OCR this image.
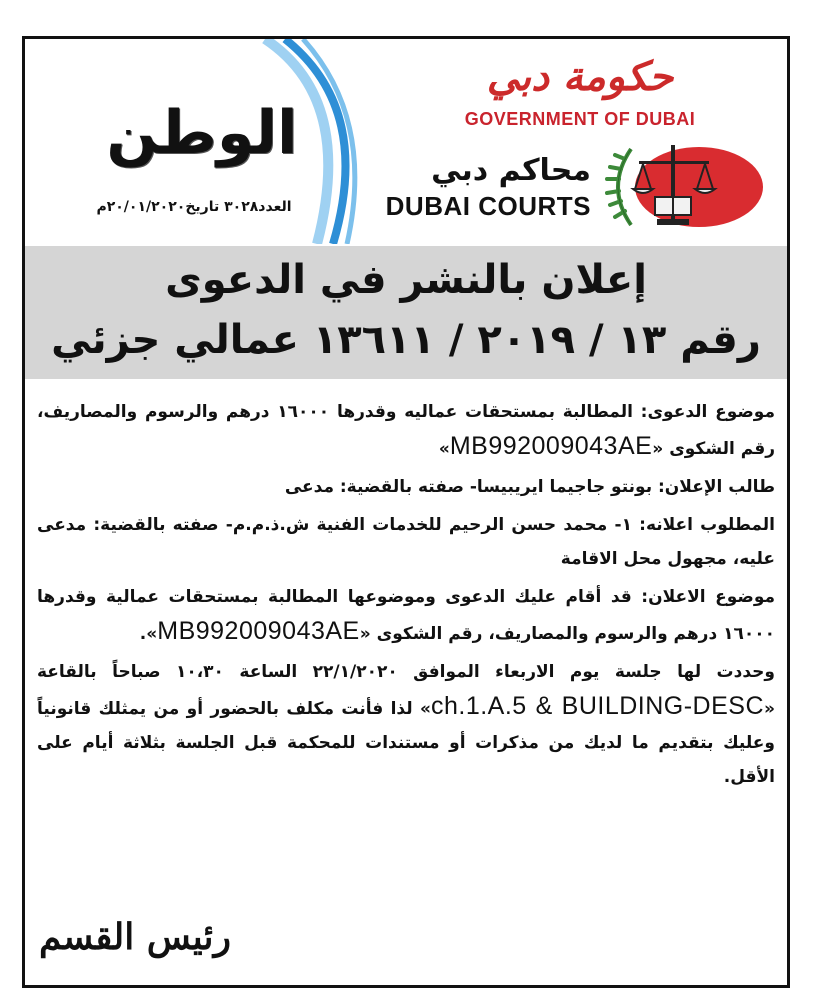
حكومة دبي
GOVERNMENT OF DUBAI
محاكم دبي
DUBAI COURTS
الوطن
العدد٣٠٢٨ تاريخ٢٠/٠١/٢٠٢٠م
إعلان بالنشر في الدعوى
رقم ١٣ / ٢٠١٩ / ١٣٦١١ عمالي جزئي

موضوع الدعوى: المطالبة بمستحقات عماليه وقدرها ١٦٠٠٠ درهم والرسوم والمصاريف، رقم الشكوى «MB992009043AE»

طالب الإعلان: بونتو جاجيما ايريبيسا- صفته بالقضية: مدعى

المطلوب اعلانه: ١- محمد حسن الرحيم للخدمات الفنية ش.ذ.م.م- صفته بالقضية: مدعى عليه، مجهول محل الاقامة

موضوع الاعلان: قد أقام عليك الدعوى وموضوعها المطالبة بمستحقات عمالية وقدرها ١٦٠٠٠ درهم والرسوم والمصاريف، رقم الشكوى «MB992009043AE».

وحددت لها جلسة يوم الاربعاء الموافق ٢٢/١/٢٠٢٠ الساعة ١٠،٣٠ صباحاً بالقاعة «ch.1.A.5 & BUILDING-DESC» لذا فأنت مكلف بالحضور أو من يمثلك قانونياً وعليك بتقديم ما لديك من مذكرات أو مستندات للمحكمة قبل الجلسة بثلاثة أيام على الأقل.

رئيس القسم
